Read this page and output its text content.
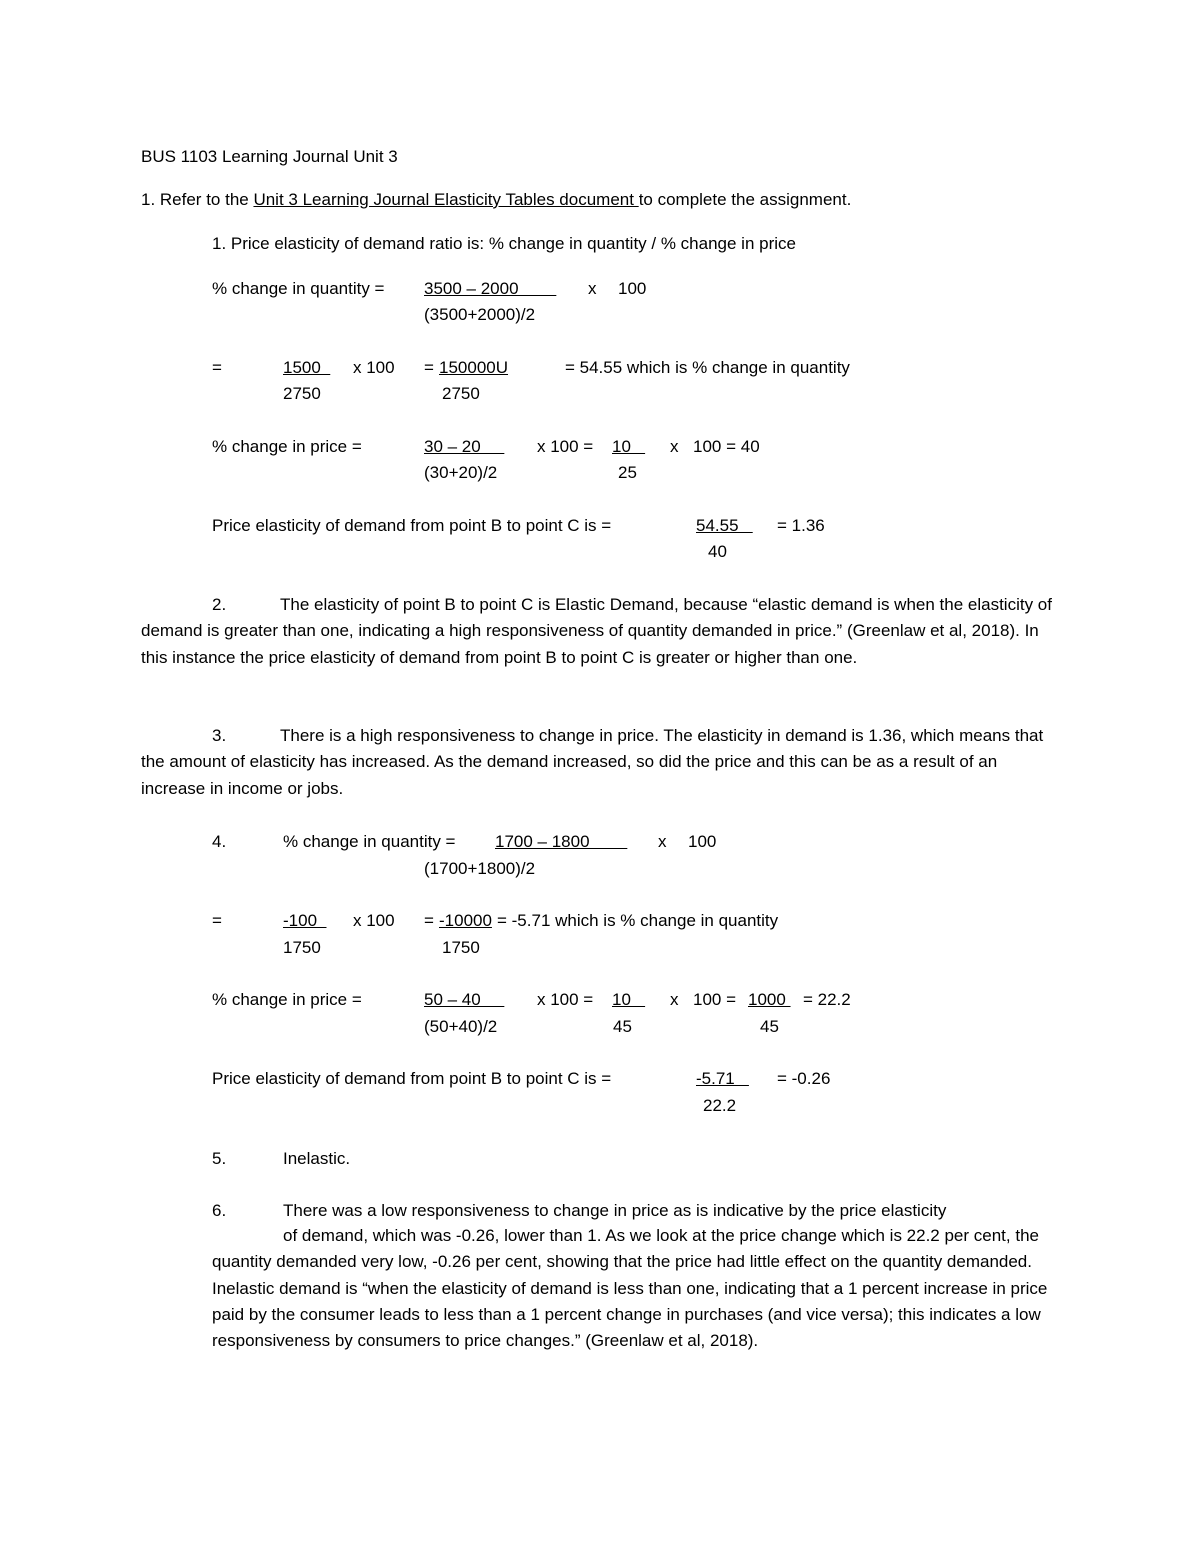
BUS 1103 Learning Journal Unit 3
1. Refer to the Unit 3 Learning Journal Elasticity Tables document to complete the assignment.
1. Price elasticity of demand ratio is: % change in quantity / % change in price
% change in quantity = 3500 – 2000 x 100
(3500+2000)/2
=	1500 x 100 = 150000U	= 54.55 which is % change in quantity
2750	2750
% change in price =	30 – 20 x 100 = 10 x 100 = 40
(30+20)/2	25
Price elasticity of demand from point B to point C is =	54.55 = 1.36
40
2.	The elasticity of point B to point C is Elastic Demand, because “elastic demand is when the elasticity of demand is greater than one, indicating a high responsiveness of quantity demanded in price.” (Greenlaw et al, 2018). In this instance the price elasticity of demand from point B to point C is greater or higher than one.
3.	There is a high responsiveness to change in price. The elasticity in demand is 1.36, which means that the amount of elasticity has increased. As the demand increased, so did the price and this can be as a result of an increase in income or jobs.
4.	% change in quantity = 1700 – 1800 x 100
(1700+1800)/2
=	-100 x 100 = -10000 = -5.71 which is % change in quantity
1750	1750
% change in price =	50 – 40 x 100 = 10 x 100 = 1000 = 22.2
(50+40)/2	45	45
Price elasticity of demand from point B to point C is =	-5.71 = -0.26
22.2
5.	Inelastic.
6.	There was a low responsiveness to change in price as is indicative by the price elasticity
of demand, which was -0.26, lower than 1. As we look at the price change which is 22.2 per cent, the quantity demanded very low, -0.26 per cent, showing that the price had little effect on the quantity demanded. Inelastic demand is “when the elasticity of demand is less than one, indicating that a 1 percent increase in price paid by the consumer leads to less than a 1 percent change in purchases (and vice versa); this indicates a low responsiveness by consumers to price changes.” (Greenlaw et al, 2018).
